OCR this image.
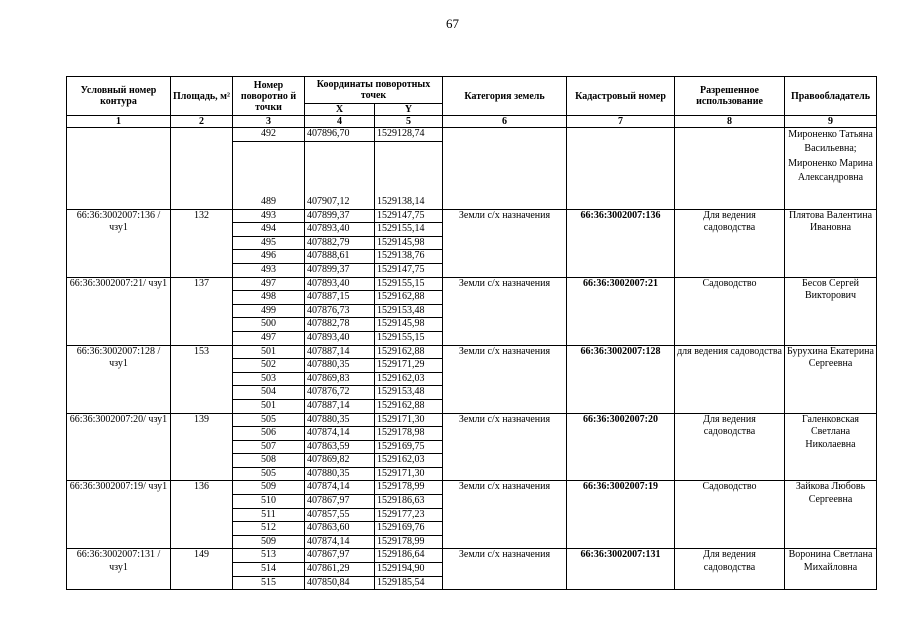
67
Условный номер контура	Площадь, м²	Номер поворотно й точки	Координаты поворотных точек		Категория земель	Кадастровый номер	Разрешенное использование	Правообладатель
			X	Y				
1	2	3	4	5	6	7	8	9
		492	407896,70	1529128,74				Мироненко Татьяна Васильевна; Мироненко Марина Александровна
		489	407907,12	1529138,14				
66:36:3002007:136 /чзу1	132	493	407899,37	1529147,75	Земли с/х назначения	66:36:3002007:136	Для ведения садоводства	Плятова Валентина Ивановна
		494	407893,40	1529155,14				
		495	407882,79	1529145,98				
		496	407888,61	1529138,76				
		493	407899,37	1529147,75				
66:36:3002007:21/ чзу1	137	497	407893,40	1529155,15	Земли с/х назначения	66:36:3002007:21	Садоводство	Бесов Сергей Викторович
		498	407887,15	1529162,88				
		499	407876,73	1529153,48				
		500	407882,78	1529145,98				
		497	407893,40	1529155,15				
66:36:3002007:128 /чзу1	153	501	407887,14	1529162,88	Земли с/х назначения	66:36:3002007:128	для ведения садоводства	Бурухина Екатерина Сергеевна
		502	407880,35	1529171,29				
		503	407869,83	1529162,03				
		504	407876,72	1529153,48				
		501	407887,14	1529162,88				
66:36:3002007:20/ чзу1	139	505	407880,35	1529171,30	Земли с/х назначения	66:36:3002007:20	Для ведения садоводства	Галенковская Светлана Николаевна
		506	407874,14	1529178,98				
		507	407863,59	1529169,75				
		508	407869,82	1529162,03				
		505	407880,35	1529171,30				
66:36:3002007:19/ чзу1	136	509	407874,14	1529178,99	Земли с/х назначения	66:36:3002007:19	Садоводство	Зайкова Любовь Сергеевна
		510	407867,97	1529186,63				
		511	407857,55	1529177,23				
		512	407863,60	1529169,76				
		509	407874,14	1529178,99				
66:36:3002007:131 /чзу1	149	513	407867,97	1529186,64	Земли с/х назначения	66:36:3002007:131	Для ведения садоводства	Воронина Светлана Михайловна
		514	407861,29	1529194,90				
		515	407850,84	1529185,54				
